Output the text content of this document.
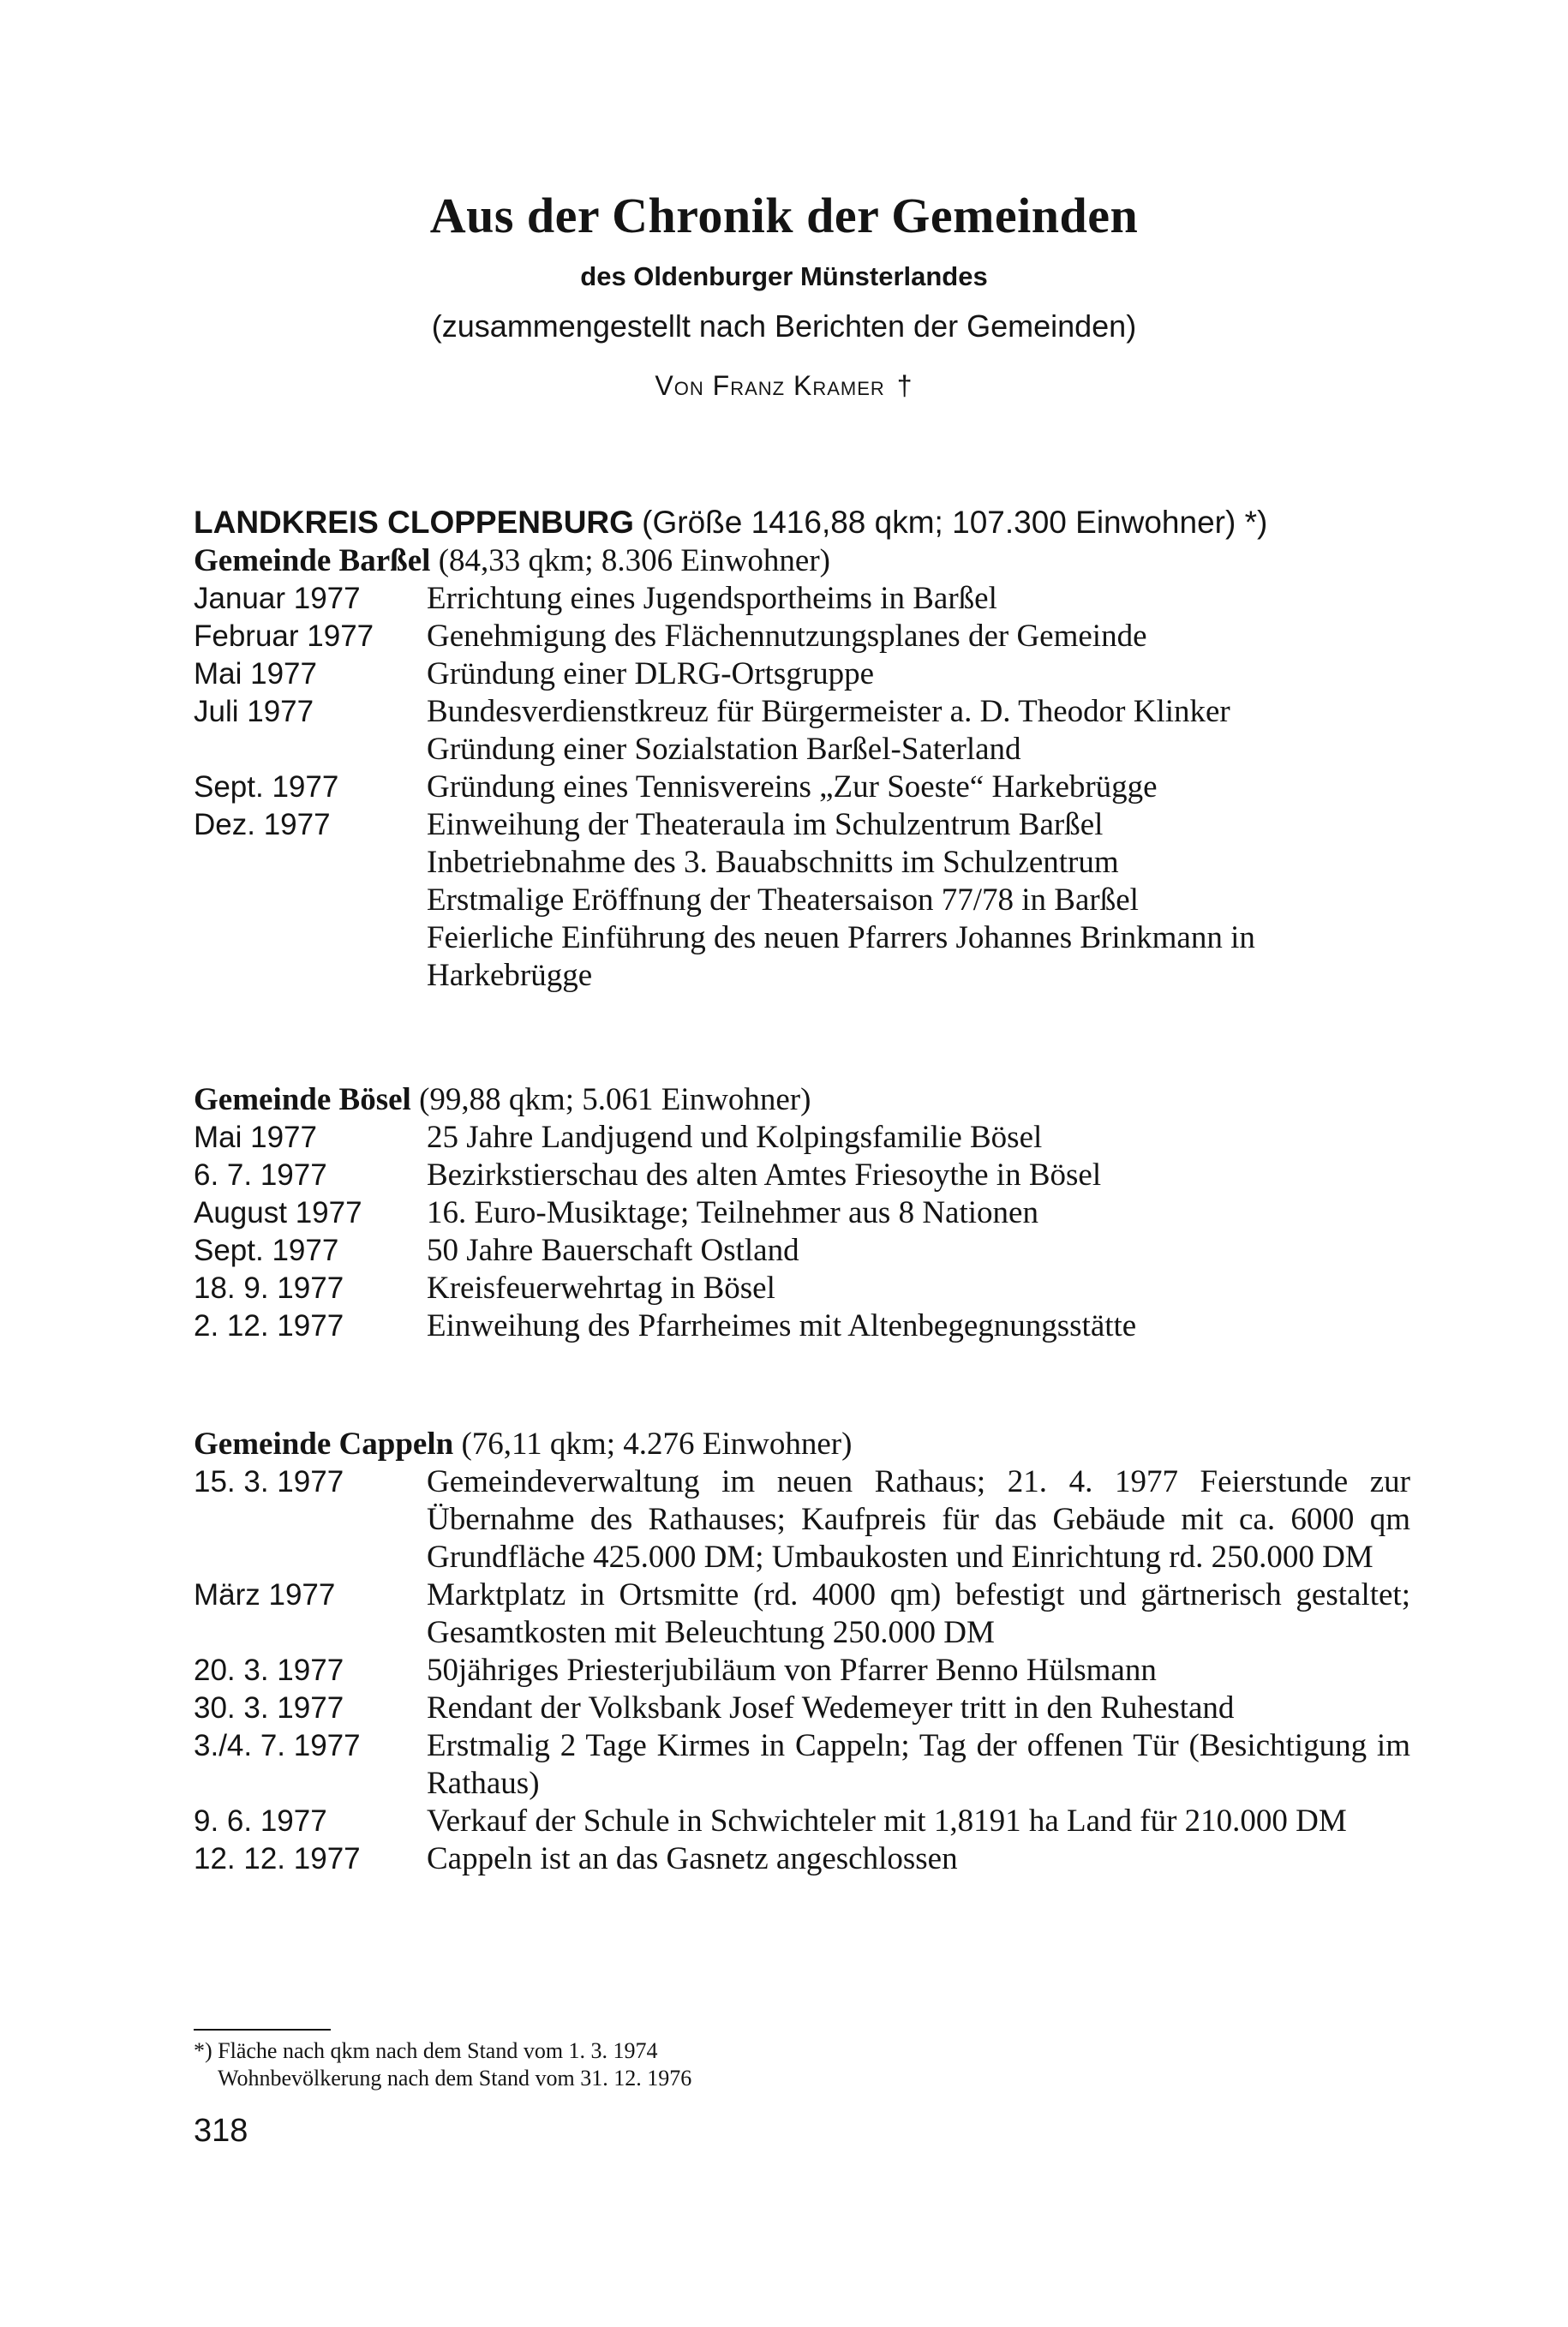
Aus der Chronik der Gemeinden
des Oldenburger Münsterlandes
(zusammengestellt nach Berichten der Gemeinden)
Von Franz Kramer †
LANDKREIS CLOPPENBURG (Größe 1416,88 qkm; 107.300 Einwohner) *)
Gemeinde Barßel (84,33 qkm; 8.306 Einwohner)
Januar 1977	Errichtung eines Jugendsportheims in Barßel
Februar 1977	Genehmigung des Flächennutzungsplanes der Gemeinde
Mai 1977	Gründung einer DLRG-Ortsgruppe
Juli 1977	Bundesverdienstkreuz für Bürgermeister a. D. Theodor Klinker
Gründung einer Sozialstation Barßel-Saterland
Sept. 1977	Gründung eines Tennisvereins „Zur Soeste“ Harkebrügge
Dez. 1977	Einweihung der Theateraula im Schulzentrum Barßel
Inbetriebnahme des 3. Bauabschnitts im Schulzentrum
Erstmalige Eröffnung der Theatersaison 77/78 in Barßel
Feierliche Einführung des neuen Pfarrers Johannes Brinkmann in Harkebrügge
Gemeinde Bösel (99,88 qkm; 5.061 Einwohner)
Mai 1977	25 Jahre Landjugend und Kolpingsfamilie Bösel
6. 7. 1977	Bezirkstierschau des alten Amtes Friesoythe in Bösel
August 1977	16. Euro-Musiktage; Teilnehmer aus 8 Nationen
Sept. 1977	50 Jahre Bauerschaft Ostland
18. 9. 1977	Kreisfeuerwehrtag in Bösel
2. 12. 1977	Einweihung des Pfarrheimes mit Altenbegegnungsstätte
Gemeinde Cappeln (76,11 qkm; 4.276 Einwohner)
15. 3. 1977	Gemeindeverwaltung im neuen Rathaus; 21. 4. 1977 Feierstunde zur Übernahme des Rathauses; Kaufpreis für das Gebäude mit ca. 6000 qm Grundfläche 425.000 DM; Umbaukosten und Einrichtung rd. 250.000 DM
März 1977	Marktplatz in Ortsmitte (rd. 4000 qm) befestigt und gärtnerisch gestaltet; Gesamtkosten mit Beleuchtung 250.000 DM
20. 3. 1977	50jähriges Priesterjubiläum von Pfarrer Benno Hülsmann
30. 3. 1977	Rendant der Volksbank Josef Wedemeyer tritt in den Ruhestand
3./4. 7. 1977	Erstmalig 2 Tage Kirmes in Cappeln; Tag der offenen Tür (Besichtigung im Rathaus)
9. 6. 1977	Verkauf der Schule in Schwichteler mit 1,8191 ha Land für 210.000 DM
12. 12. 1977	Cappeln ist an das Gasnetz angeschlossen
*) Fläche nach qkm nach dem Stand vom 1. 3. 1974
Wohnbevölkerung nach dem Stand vom 31. 12. 1976
318
